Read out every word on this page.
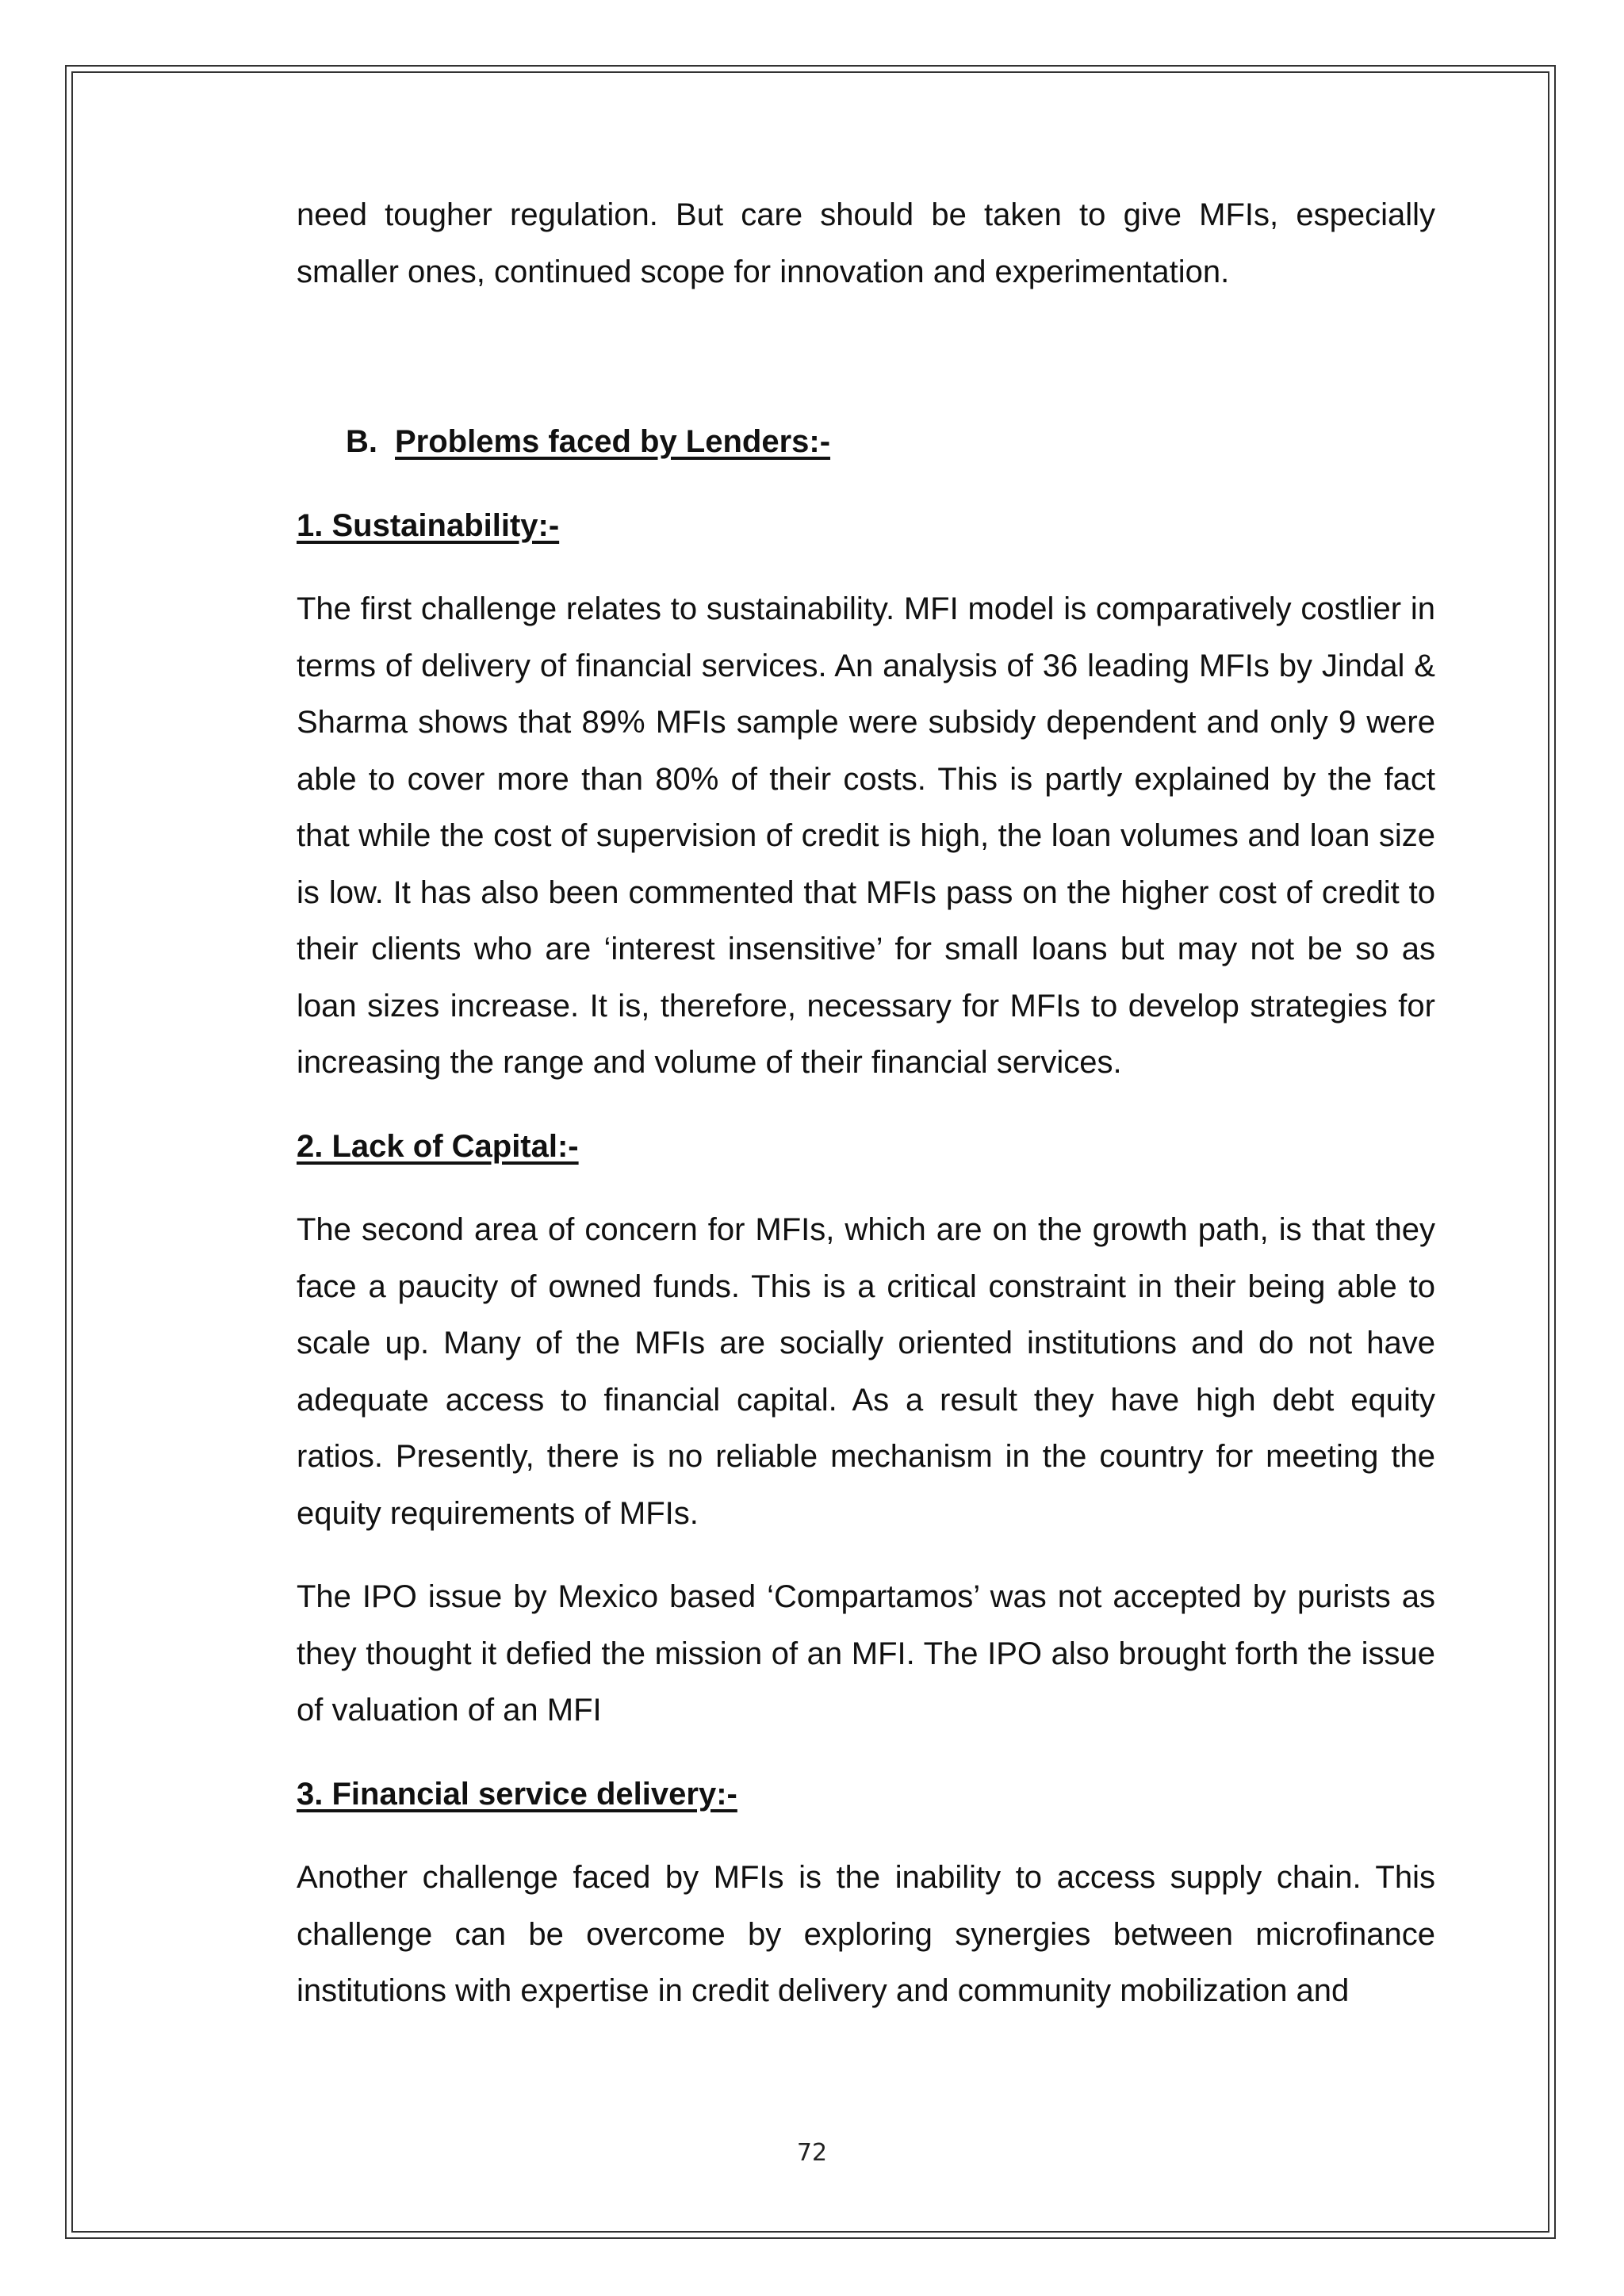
need tougher regulation. But care should be taken to give MFIs, especially smaller ones, continued scope for innovation and experimentation.

B. Problems faced by Lenders:-

1. Sustainability:-

The first challenge relates to sustainability. MFI model is comparatively costlier in terms of delivery of financial services. An analysis of 36 leading MFIs by Jindal & Sharma shows that 89% MFIs sample were subsidy dependent and only 9 were able to cover more than 80% of their costs. This is partly explained by the fact that while the cost of supervision of credit is high, the loan volumes and loan size is low. It has also been commented that MFIs pass on the higher cost of credit to their clients who are ‘interest insensitive’ for small loans but may not be so as loan sizes increase. It is, therefore, necessary for MFIs to develop strategies for increasing the range and volume of their financial services.

2. Lack of Capital:-

The second area of concern for MFIs, which are on the growth path, is that they face a paucity of owned funds. This is a critical constraint in their being able to scale up. Many of the MFIs are socially oriented institutions and do not have adequate access to financial capital. As a result they have high debt equity ratios. Presently, there is no reliable mechanism in the country for meeting the equity requirements of MFIs.

The IPO issue by Mexico based ‘Compartamos’ was not accepted by purists as they thought it defied the mission of an MFI. The IPO also brought forth the issue of valuation of an MFI

3. Financial service delivery:-

Another challenge faced by MFIs is the inability to access supply chain. This challenge can be overcome by exploring synergies between microfinance institutions with expertise in credit delivery and community mobilization and

72
